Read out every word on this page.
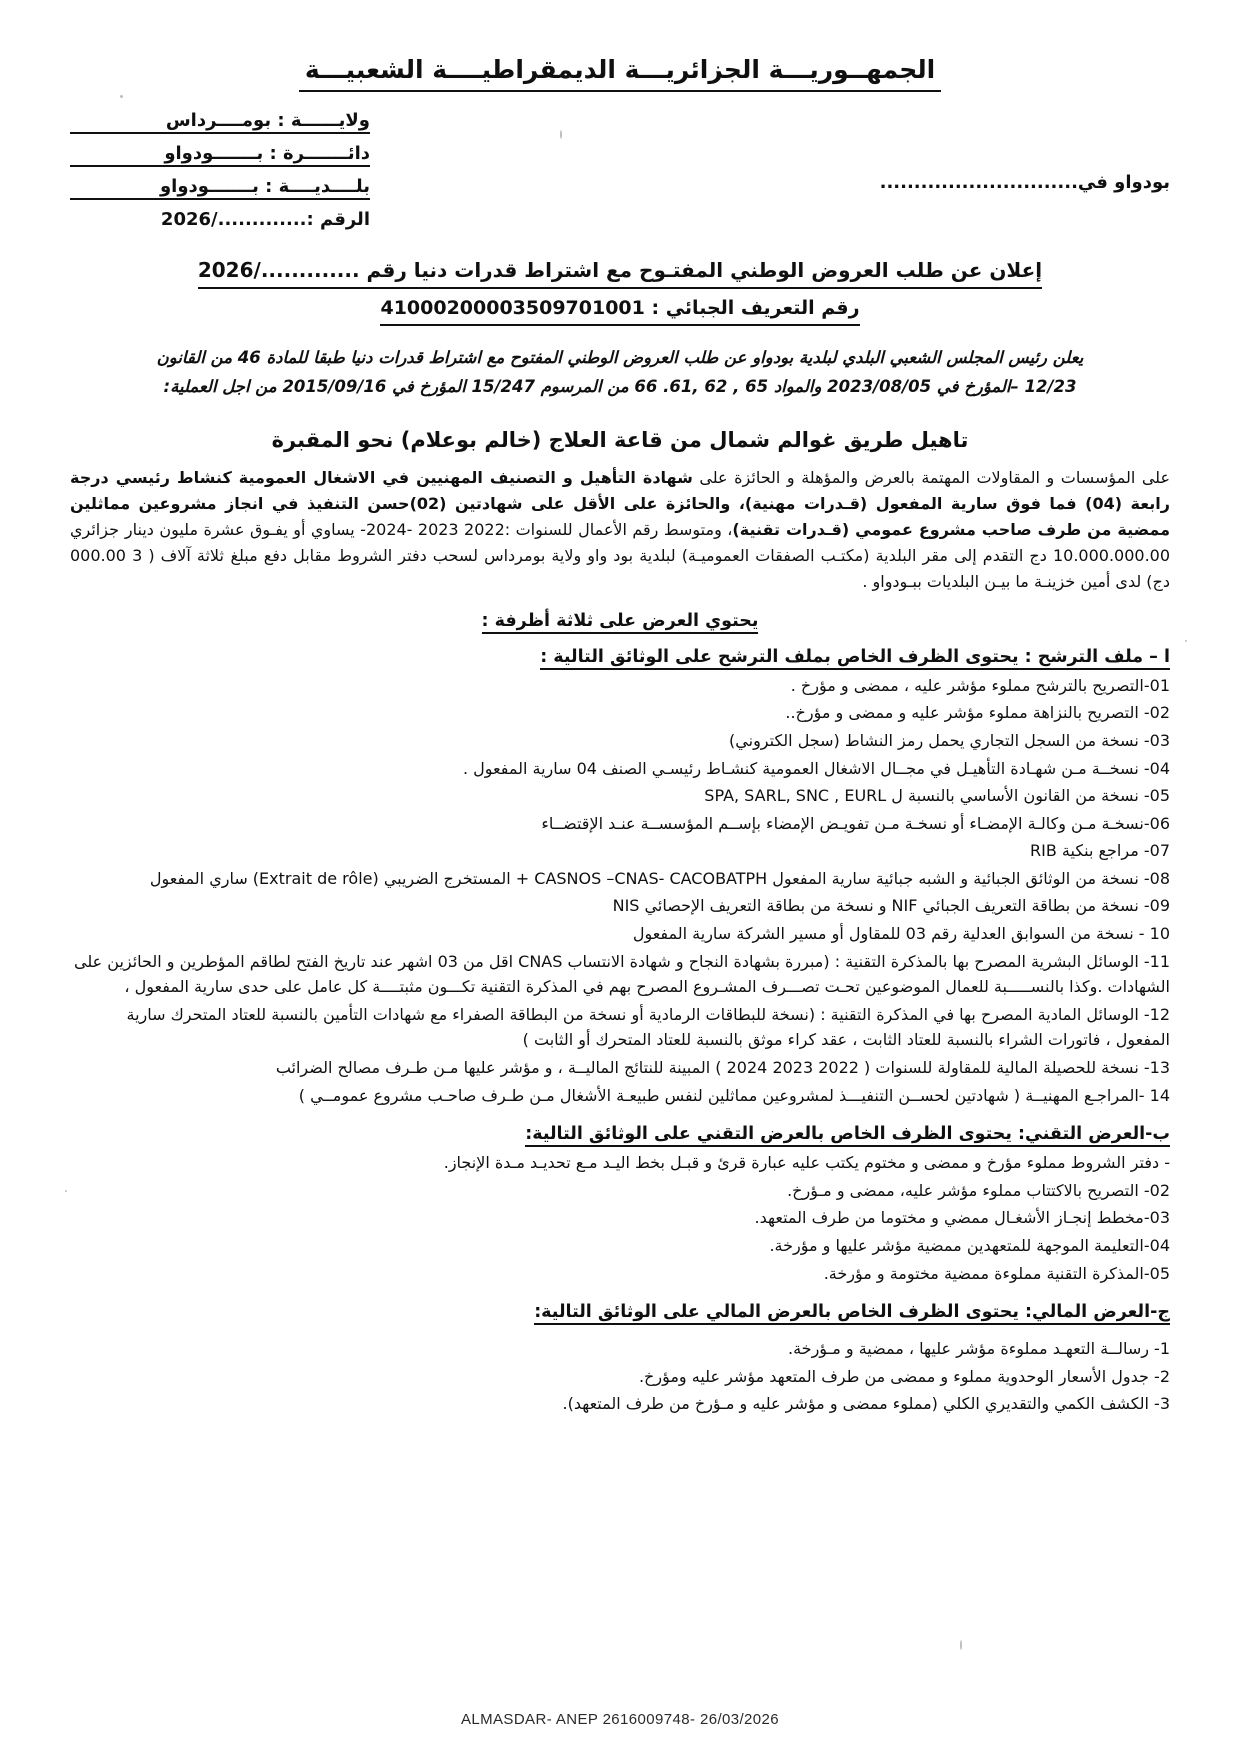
الجمهــوريـــة الجزائريـــة الديمقراطيــــة الشعبيـــة
بودواو في.............................
ولايــــــة : بومــــرداس
دائـــــــرة : بـــــــودواو
بلــــديــــة : بـــــــودواو
الرقم :............./2026
إعلان عن طلب العروض الوطني المفتـوح مع اشتراط قدرات دنيا رقم ............./2026
رقم التعريف الجبائي : 41000200003509701001
يعلن رئيس المجلس الشعبي البلدي لبلدية بودواو عن طلب العروض الوطني المفتوح مع اشتراط قدرات دنيا طبقا للمادة 46 من القانون
12/23 –المؤرخ في 2023/08/05 والمواد 65 , 62 ,61. 66 من المرسوم 15/247 المؤرخ في 2015/09/16 من اجل العملية:
تاهيل طريق غوالم شمال من قاعة العلاج (خالم بوعلام) نحو المقبرة
على المؤسسات و المقاولات المهتمة بالعرض والمؤهلة و الحائزة على شهادة التأهيل و التصنيف المهنيين في الاشغال العمومية كنشاط رئيسي درجة رابعة (04) فما فوق سارية المفعول (قـدرات مهنية)، والحائزة على الأقل على شهادتين (02)حسن التنفيذ في انجاز مشروعين مماثلين ممضية من طرف صاحب مشروع عمومي (قـدرات تقنية)، ومتوسط رقم الأعمال للسنوات :2022 2023 -2024- يساوي أو يفـوق عشرة مليون دينار جزائري 10.000.000.00 دج التقدم إلى مقر البلدية (مكتـب الصفقات العموميـة) لبلدية بود واو ولاية بومرداس لسحب دفتر الشروط مقابل دفع مبلغ ثلاثة آلاف ( 3 000.00 دج) لدى أمين خزينـة ما بيـن البلديات ببـودواو .
يحتوي العرض على ثلاثة أظرفة :
ا – ملف الترشح : يحتوى الظرف الخاص بملف الترشح على الوثائق التالية :
01-التصريح بالترشح مملوء مؤشر عليه ، ممضى و مؤرخ .
02- التصريح بالنزاهة مملوء مؤشر عليه و ممضى و مؤرخ..
03- نسخة من السجل التجاري يحمل رمز النشاط (سجل الكتروني)
04- نسخــة مـن شهـادة التأهيـل في مجــال الاشغال العمومية كنشـاط رئيسـي الصنف 04 سارية المفعول .
05- نسخة من القانون الأساسي بالنسبة ل SPA, SARL, SNC , EURL
06-نسخـة مـن وكالـة الإمضـاء أو نسخـة مـن تفويـض الإمضاء بإســم المؤسســة عنـد الإقتضــاء
07- مراجع بنكية RIB
08- نسخة من الوثائق الجبائية و الشبه جبائية سارية المفعول CASNOS –CNAS- CACOBATPH + المستخرج الضريبي (Extrait de rôle) ساري المفعول
09- نسخة من بطاقة التعريف الجبائي NIF و نسخة من بطاقة التعريف الإحصائي NIS
10 - نسخة من السوابق العدلية رقم 03 للمقاول أو مسير الشركة سارية المفعول
11- الوسائل البشرية المصرح بها بالمذكرة التقنية : (مبررة بشهادة النجاح و شهادة الانتساب CNAS اقل من 03 اشهر عند تاريخ الفتح لطاقم المؤطرين و الحائزين على الشهادات .وكذا بالنســـــبة للعمال الموضوعين تحـت تصـــرف المشـروع المصرح بهم في المذكرة التقنية تكـــون مثبتــــة كل عامل على حدى سارية المفعول ،
12- الوسائل المادية المصرح بها في المذكرة التقنية : (نسخة للبطاقات الرمادية أو نسخة من البطاقة الصفراء مع شهادات التأمين بالنسبة للعتاد المتحرك سارية المفعول ، فاتورات الشراء بالنسبة للعتاد الثابت ، عقد كراء موثق بالنسبة للعتاد المتحرك أو الثابت )
13- نسخة للحصيلة المالية للمقاولة للسنوات ( 2022 2023 2024 ) المبينة للنتائج الماليــة ، و مؤشر عليها مـن طـرف مصالح الضرائب
14 -المراجـع المهنيــة ( شهادتين لحســن التنفيـــذ لمشروعين مماثلين لنفس طبيعـة الأشغال مـن طـرف صاحـب مشروع عمومــي )
ب-العرض التقني: يحتوى الظرف الخاص بالعرض التقني على الوثائق التالية:
- دفتر الشروط مملوء مؤرخ و ممضى و مختوم يكتب عليه عبارة قرئ و قبـل بخط اليـد مـع تحديـد مـدة الإنجاز.
02- التصريح بالاكتتاب مملوء مؤشر عليه، ممضى و مـؤرخ.
03-مخطط إنجـاز الأشغـال ممضي و مختوما من طرف المتعهد.
04-التعليمة الموجهة للمتعهدين ممضية مؤشر عليها و مؤرخة.
05-المذكرة التقنية مملوءة ممضية مختومة و مؤرخة.
ج-العرض المالي: يحتوى الظرف الخاص بالعرض المالي على الوثائق التالية:
1- رسالــة التعهـد مملوءة مؤشر عليها ، ممضية و مـؤرخة.
2- جدول الأسعار الوحدوية مملوء و ممضى من طرف المتعهد مؤشر عليه ومؤرخ.
3- الكشف الكمي والتقديري الكلي (مملوء ممضى و مؤشر عليه و مـؤرخ من طرف المتعهد).
ALMASDAR- ANEP 2616009748- 26/03/2026
